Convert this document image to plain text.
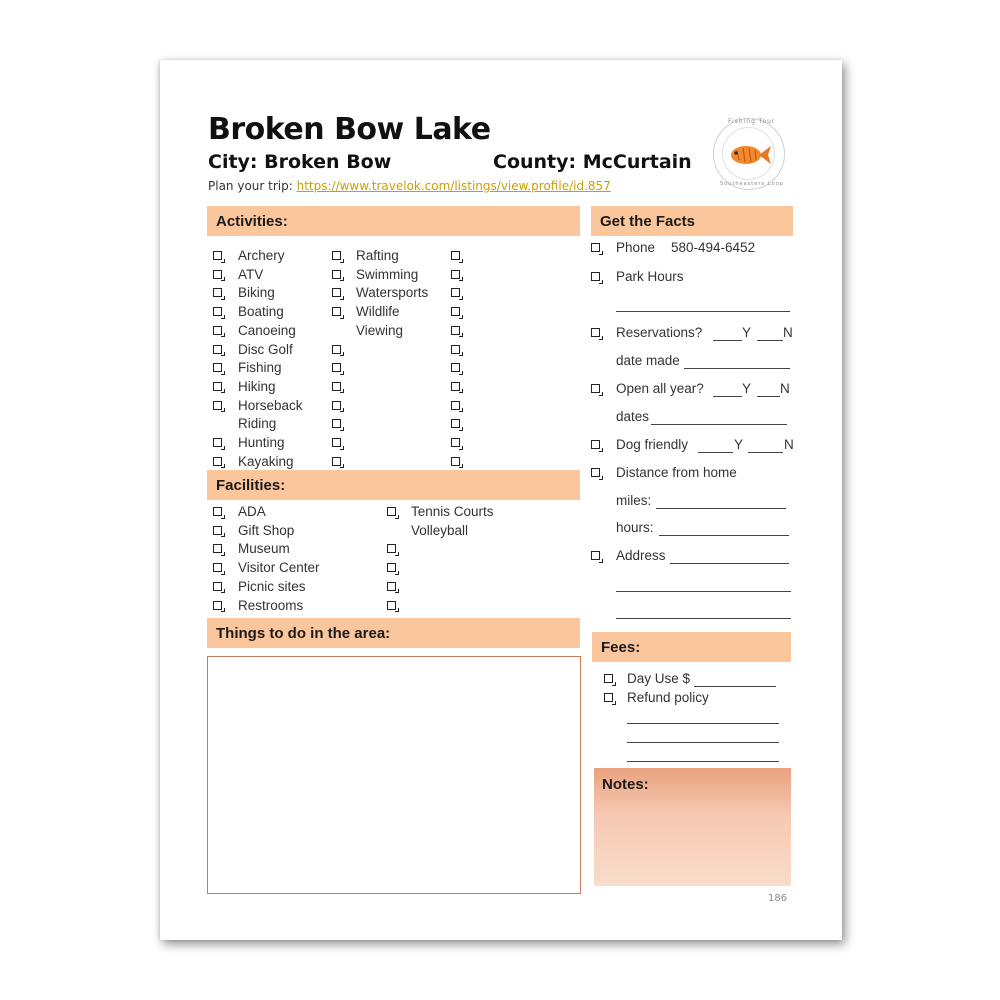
Broken Bow Lake
City: Broken Bow	County: McCurtain
Plan your trip: https://www.travelok.com/listings/view.profile/id.857
Fishing Tour
Southeastern Loop
Activities:
Facilities:
Things to do in the area:
Get the Facts
Phone 580-494-6452
Park Hours
Reservations?	Y N
date made
Open all year?	Y N
dates
Dog friendly	Y	N
Distance from home
miles:
hours:
Address
Fees:
Day Use $
Refund policy
Notes:
186
Archery
ATV
Biking
Boating
Canoeing
Disc Golf
Fishing
Hiking
Horseback
Riding
Hunting
Kayaking
Rafting
Swimming
Watersports
Wildlife
Viewing
ADA
Gift Shop
Museum
Visitor Center
Picnic sites
Restrooms
Tennis Courts
Volleyball
